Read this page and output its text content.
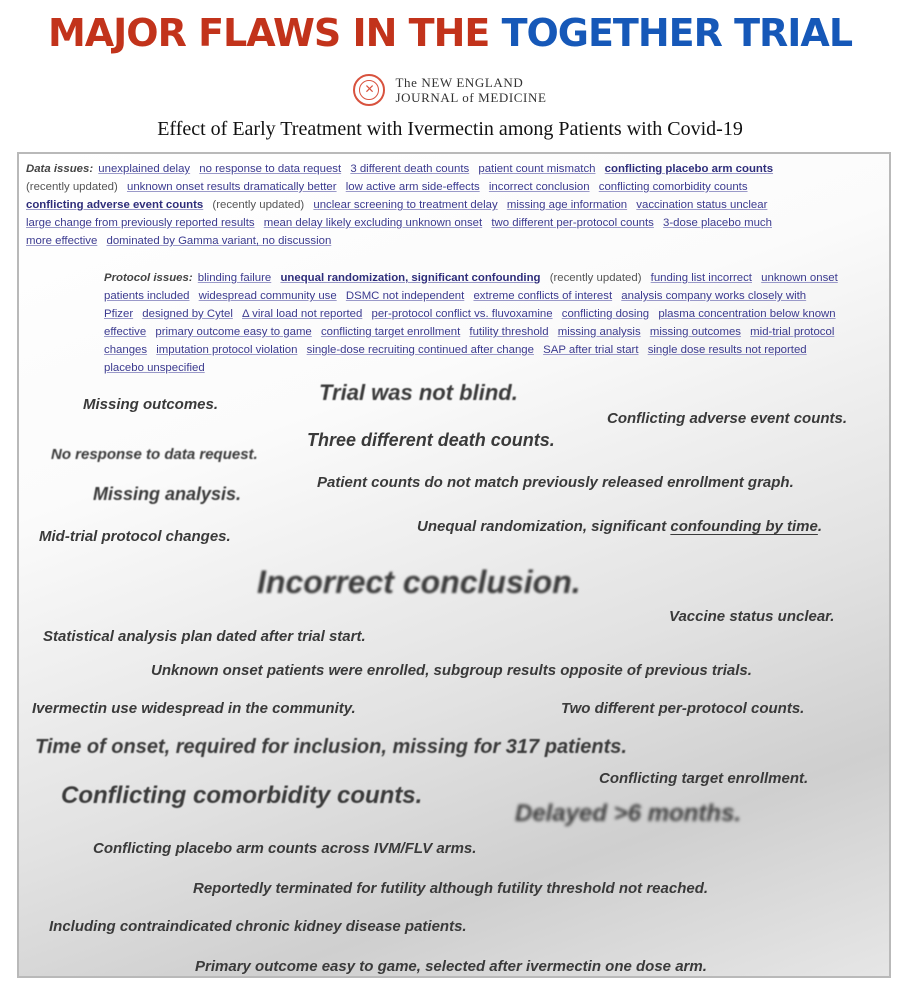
MAJOR FLAWS IN THE TOGETHER TRIAL
✕	The NEW ENGLAND
JOURNAL of MEDICINE
Effect of Early Treatment with Ivermectin among Patients with Covid-19
Data issues: unexplained delay no response to data request 3 different death counts patient count mismatch conflicting placebo arm counts (recently updated) unknown onset results dramatically better low active arm side-effects incorrect conclusion conflicting comorbidity counts conflicting adverse event counts (recently updated) unclear screening to treatment delay missing age information vaccination status unclear large change from previously reported results mean delay likely excluding unknown onset two different per-protocol counts 3-dose placebo much more effective dominated by Gamma variant, no discussion
Protocol issues: blinding failure unequal randomization, significant confounding (recently updated) funding list incorrect unknown onset patients included widespread community use DSMC not independent extreme conflicts of interest analysis company works closely with Pfizer designed by Cytel Δ viral load not reported per-protocol conflict vs. fluvoxamine conflicting dosing plasma concentration below known effective primary outcome easy to game conflicting target enrollment futility threshold missing analysis missing outcomes mid-trial protocol changes imputation protocol violation single-dose recruiting continued after change SAP after trial start single dose results not reported placebo unspecified
Missing outcomes.	Trial was not blind.
Conflicting adverse event counts.
Three different death counts.
No response to data request.
Patient counts do not match previously released enrollment graph.
Missing analysis.
Unequal randomization, significant confounding by time.
Mid-trial protocol changes.
Incorrect conclusion.
Vaccine status unclear.
Statistical analysis plan dated after trial start.
Unknown onset patients were enrolled, subgroup results opposite of previous trials.
Ivermectin use widespread in the community.	Two different per-protocol counts.
Time of onset, required for inclusion, missing for 317 patients.
Conflicting target enrollment.
Conflicting comorbidity counts.
Delayed >6 months.
Conflicting placebo arm counts across IVM/FLV arms.
Reportedly terminated for futility although futility threshold not reached.
Including contraindicated chronic kidney disease patients.
Primary outcome easy to game, selected after ivermectin one dose arm.
